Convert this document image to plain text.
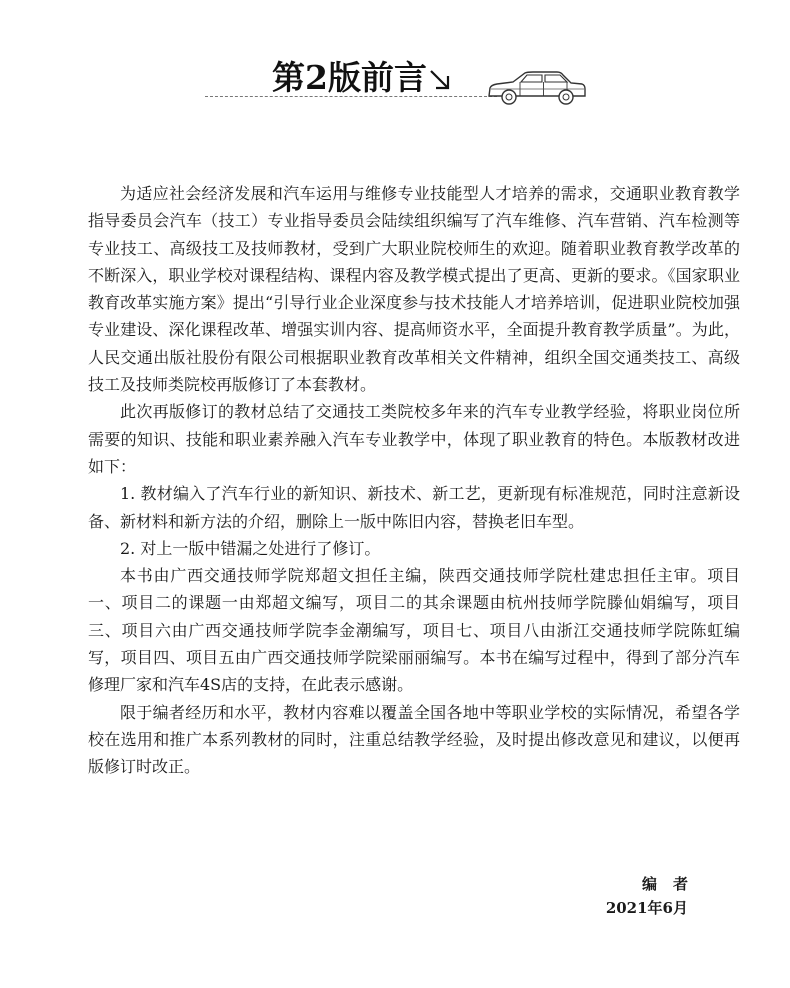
第2版前言

为适应社会经济发展和汽车运用与维修专业技能型人才培养的需求，交通职业教育教学指导委员会汽车（技工）专业指导委员会陆续组织编写了汽车维修、汽车营销、汽车检测等专业技工、高级技工及技师教材，受到广大职业院校师生的欢迎。随着职业教育教学改革的不断深入，职业学校对课程结构、课程内容及教学模式提出了更高、更新的要求。《国家职业教育改革实施方案》提出“引导行业企业深度参与技术技能人才培养培训，促进职业院校加强专业建设、深化课程改革、增强实训内容、提高师资水平，全面提升教育教学质量”。为此，人民交通出版社股份有限公司根据职业教育改革相关文件精神，组织全国交通类技工、高级技工及技师类院校再版修订了本套教材。

此次再版修订的教材总结了交通技工类院校多年来的汽车专业教学经验，将职业岗位所需要的知识、技能和职业素养融入汽车专业教学中，体现了职业教育的特色。本版教材改进如下：

1. 教材编入了汽车行业的新知识、新技术、新工艺，更新现有标准规范，同时注意新设备、新材料和新方法的介绍，删除上一版中陈旧内容，替换老旧车型。

2. 对上一版中错漏之处进行了修订。

本书由广西交通技师学院郑超文担任主编，陕西交通技师学院杜建忠担任主审。项目一、项目二的课题一由郑超文编写，项目二的其余课题由杭州技师学院滕仙娟编写，项目三、项目六由广西交通技师学院李金潮编写，项目七、项目八由浙江交通技师学院陈虹编写，项目四、项目五由广西交通技师学院梁丽丽编写。本书在编写过程中，得到了部分汽车修理厂家和汽车4S店的支持，在此表示感谢。

限于编者经历和水平，教材内容难以覆盖全国各地中等职业学校的实际情况，希望各学校在选用和推广本系列教材的同时，注重总结教学经验，及时提出修改意见和建议，以便再版修订时改正。

编者
2021年6月
